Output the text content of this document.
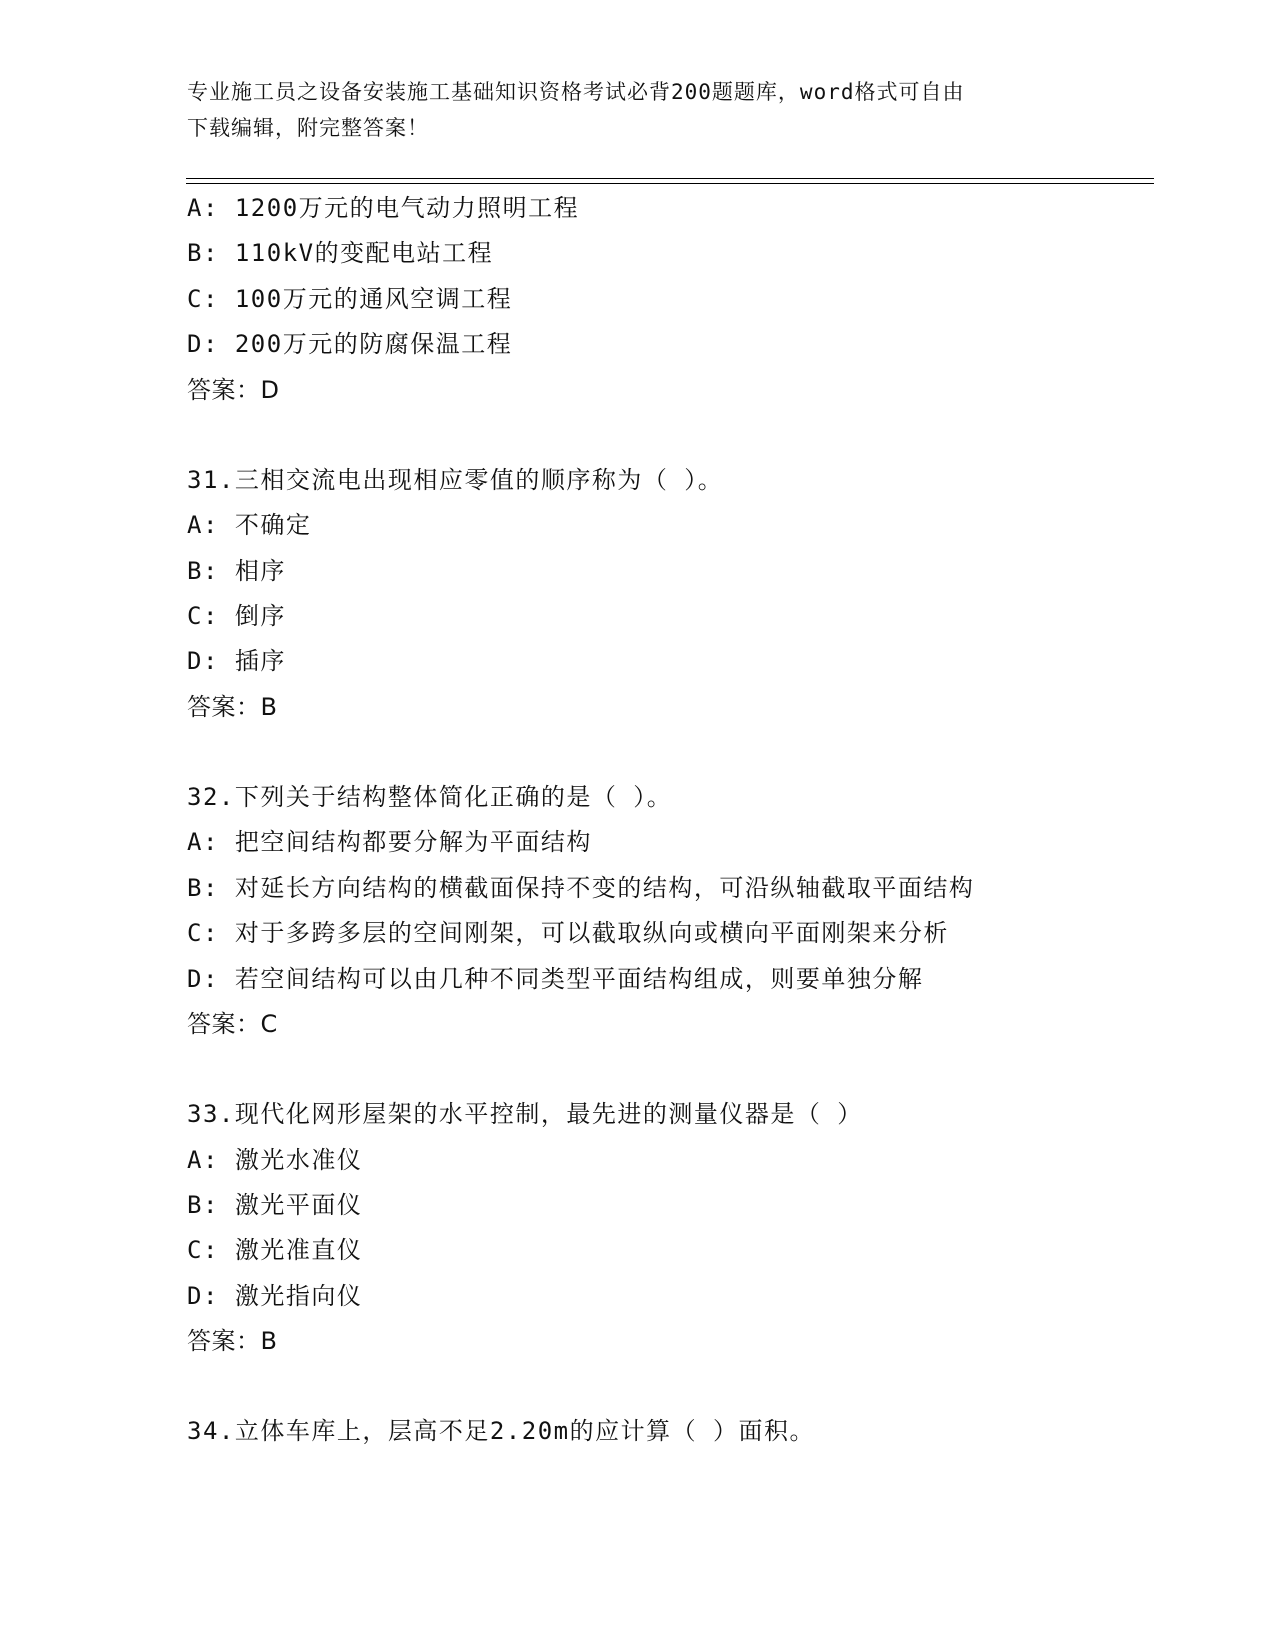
专业施工员之设备安装施工基础知识资格考试必背200题题库，word格式可自由
下载编辑，附完整答案！
A: 1200万元的电气动力照明工程
B: 110kV的变配电站工程
C: 100万元的通风空调工程
D: 200万元的防腐保温工程
答案：D
31.三相交流电出现相应零值的顺序称为（ ）。
A: 不确定
B: 相序
C: 倒序
D: 插序
答案：B
32.下列关于结构整体简化正确的是（ ）。
A: 把空间结构都要分解为平面结构
B: 对延长方向结构的横截面保持不变的结构，可沿纵轴截取平面结构
C: 对于多跨多层的空间刚架，可以截取纵向或横向平面刚架来分析
D: 若空间结构可以由几种不同类型平面结构组成，则要单独分解
答案：C
33.现代化网形屋架的水平控制，最先进的测量仪器是（ ）
A: 激光水准仪
B: 激光平面仪
C: 激光准直仪
D: 激光指向仪
答案：B
34.立体车库上，层高不足2.20m的应计算（ ）面积。
